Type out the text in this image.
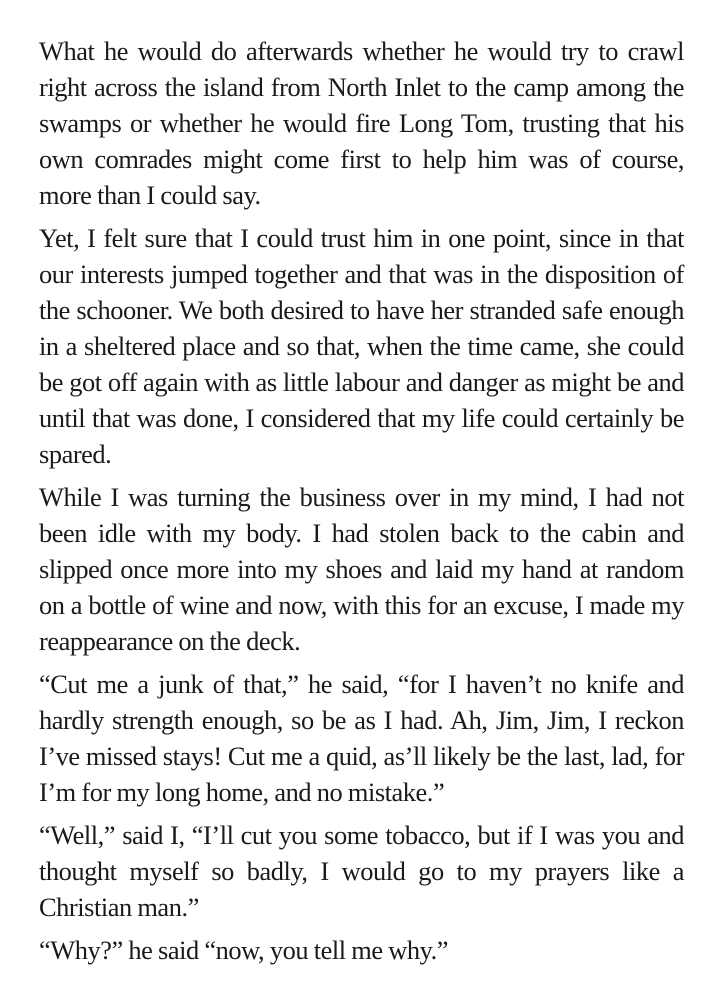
What he would do afterwards whether he would try to crawl right across the island from North Inlet to the camp among the swamps or whether he would fire Long Tom, trusting that his own comrades might come first to help him was of course, more than I could say.

Yet, I felt sure that I could trust him in one point, since in that our interests jumped together and that was in the disposition of the schooner. We both desired to have her stranded safe enough in a sheltered place and so that, when the time came, she could be got off again with as little labour and danger as might be and until that was done, I considered that my life could certainly be spared.

While I was turning the business over in my mind, I had not been idle with my body. I had stolen back to the cabin and slipped once more into my shoes and laid my hand at random on a bottle of wine and now, with this for an excuse, I made my reappearance on the deck.

“Cut me a junk of that,” he said, “for I haven’t no knife and hardly strength enough, so be as I had. Ah, Jim, Jim, I reckon I’ve missed stays! Cut me a quid, as’ll likely be the last, lad, for I’m for my long home, and no mistake.”

“Well,” said I, “I’ll cut you some tobacco, but if I was you and thought myself so badly, I would go to my prayers like a Christian man.”

“Why?” he said “now, you tell me why.”
